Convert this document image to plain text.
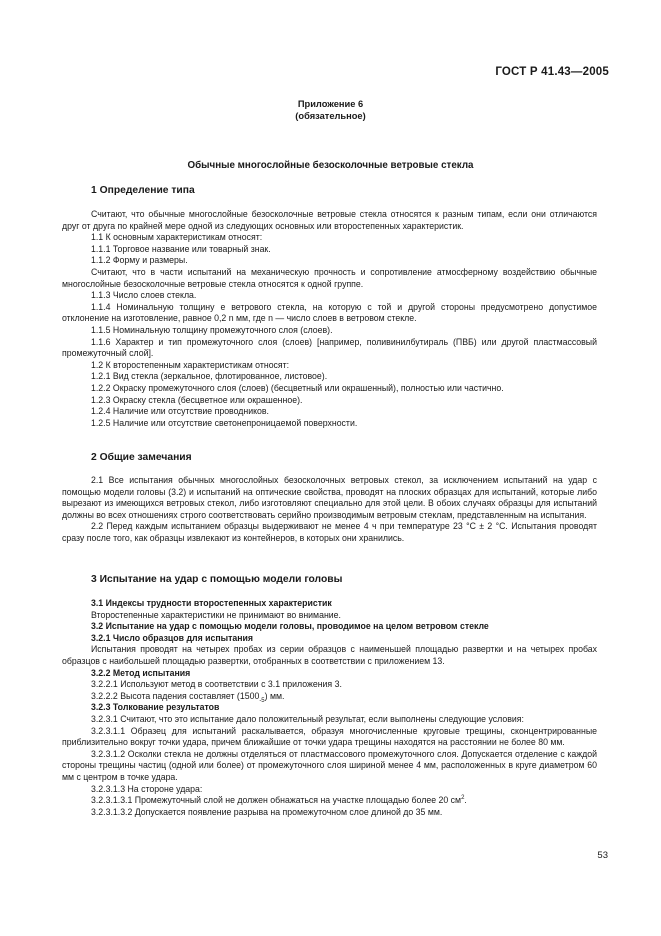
ГОСТ Р 41.43—2005
Приложение 6
(обязательное)
Обычные многослойные безосколочные ветровые стекла
1 Определение типа

Считают, что обычные многослойные безосколочные ветровые стекла относятся к разным типам, если они отличаются друг от друга по крайней мере одной из следующих основных или второстепенных характеристик.

1.1 К основным характеристикам относят:

1.1.1 Торговое название или товарный знак.

1.1.2 Форму и размеры.

Считают, что в части испытаний на механическую прочность и сопротивление атмосферному воздействию обычные многослойные безосколочные ветровые стекла относятся к одной группе.

1.1.3 Число слоев стекла.

1.1.4 Номинальную толщину е ветрового стекла, на которую с той и другой стороны предусмотрено допустимое отклонение на изготовление, равное 0,2 n мм, где n — число слоев в ветровом стекле.

1.1.5 Номинальную толщину промежуточного слоя (слоев).

1.1.6 Характер и тип промежуточного слоя (слоев) [например, поливинилбутираль (ПВБ) или другой пластмассовый промежуточный слой].

1.2 К второстепенным характеристикам относят:

1.2.1 Вид стекла (зеркальное, флотированное, листовое).

1.2.2 Окраску промежуточного слоя (слоев) (бесцветный или окрашенный), полностью или частично.

1.2.3 Окраску стекла (бесцветное или окрашенное).

1.2.4 Наличие или отсутствие проводников.

1.2.5 Наличие или отсутствие светонепроницаемой поверхности.

2 Общие замечания

2.1 Все испытания обычных многослойных безосколочных ветровых стекол, за исключением испытаний на удар с помощью модели головы (3.2) и испытаний на оптические свойства, проводят на плоских образцах для испытаний, которые либо вырезают из имеющихся ветровых стекол, либо изготовляют специально для этой цели. В обоих случаях образцы для испытаний должны во всех отношениях строго соответствовать серийно производимым ветровым стеклам, представленным на испытания.

2.2 Перед каждым испытанием образцы выдерживают не менее 4 ч при температуре 23 °С ± 2 °С. Испытания проводят сразу после того, как образцы извлекают из контейнеров, в которых они хранились.

3 Испытание на удар с помощью модели головы

3.1 Индексы трудности второстепенных характеристик

Второстепенные характеристики не принимают во внимание.

3.2 Испытание на удар с помощью модели головы, проводимое на целом ветровом стекле

3.2.1 Число образцов для испытания

Испытания проводят на четырех пробах из серии образцов с наименьшей площадью развертки и на четырех пробах образцов с наибольшей площадью развертки, отобранных в соответствии с приложением 13.

3.2.2 Метод испытания

3.2.2.1 Используют метод в соответствии с 3.1 приложения 3.

3.2.2.2 Высота падения составляет $(1500_{-5})$ мм.

3.2.3 Толкование результатов

3.2.3.1 Считают, что это испытание дало положительный результат, если выполнены следующие условия:

3.2.3.1.1 Образец для испытаний раскалывается, образуя многочисленные круговые трещины, сконцентрированные приблизительно вокруг точки удара, причем ближайшие от точки удара трещины находятся на расстоянии не более 80 мм.

3.2.3.1.2 Осколки стекла не должны отделяться от пластмассового промежуточного слоя. Допускается отделение с каждой стороны трещины частиц (одной или более) от промежуточного слоя шириной менее 4 мм, расположенных в круге диаметром 60 мм с центром в точке удара.

3.2.3.1.3 На стороне удара:

3.2.3.1.3.1 Промежуточный слой не должен обнажаться на участке площадью более 20 $см^2$.

3.2.3.1.3.2 Допускается появление разрыва на промежуточном слое длиной до 35 мм.

53
